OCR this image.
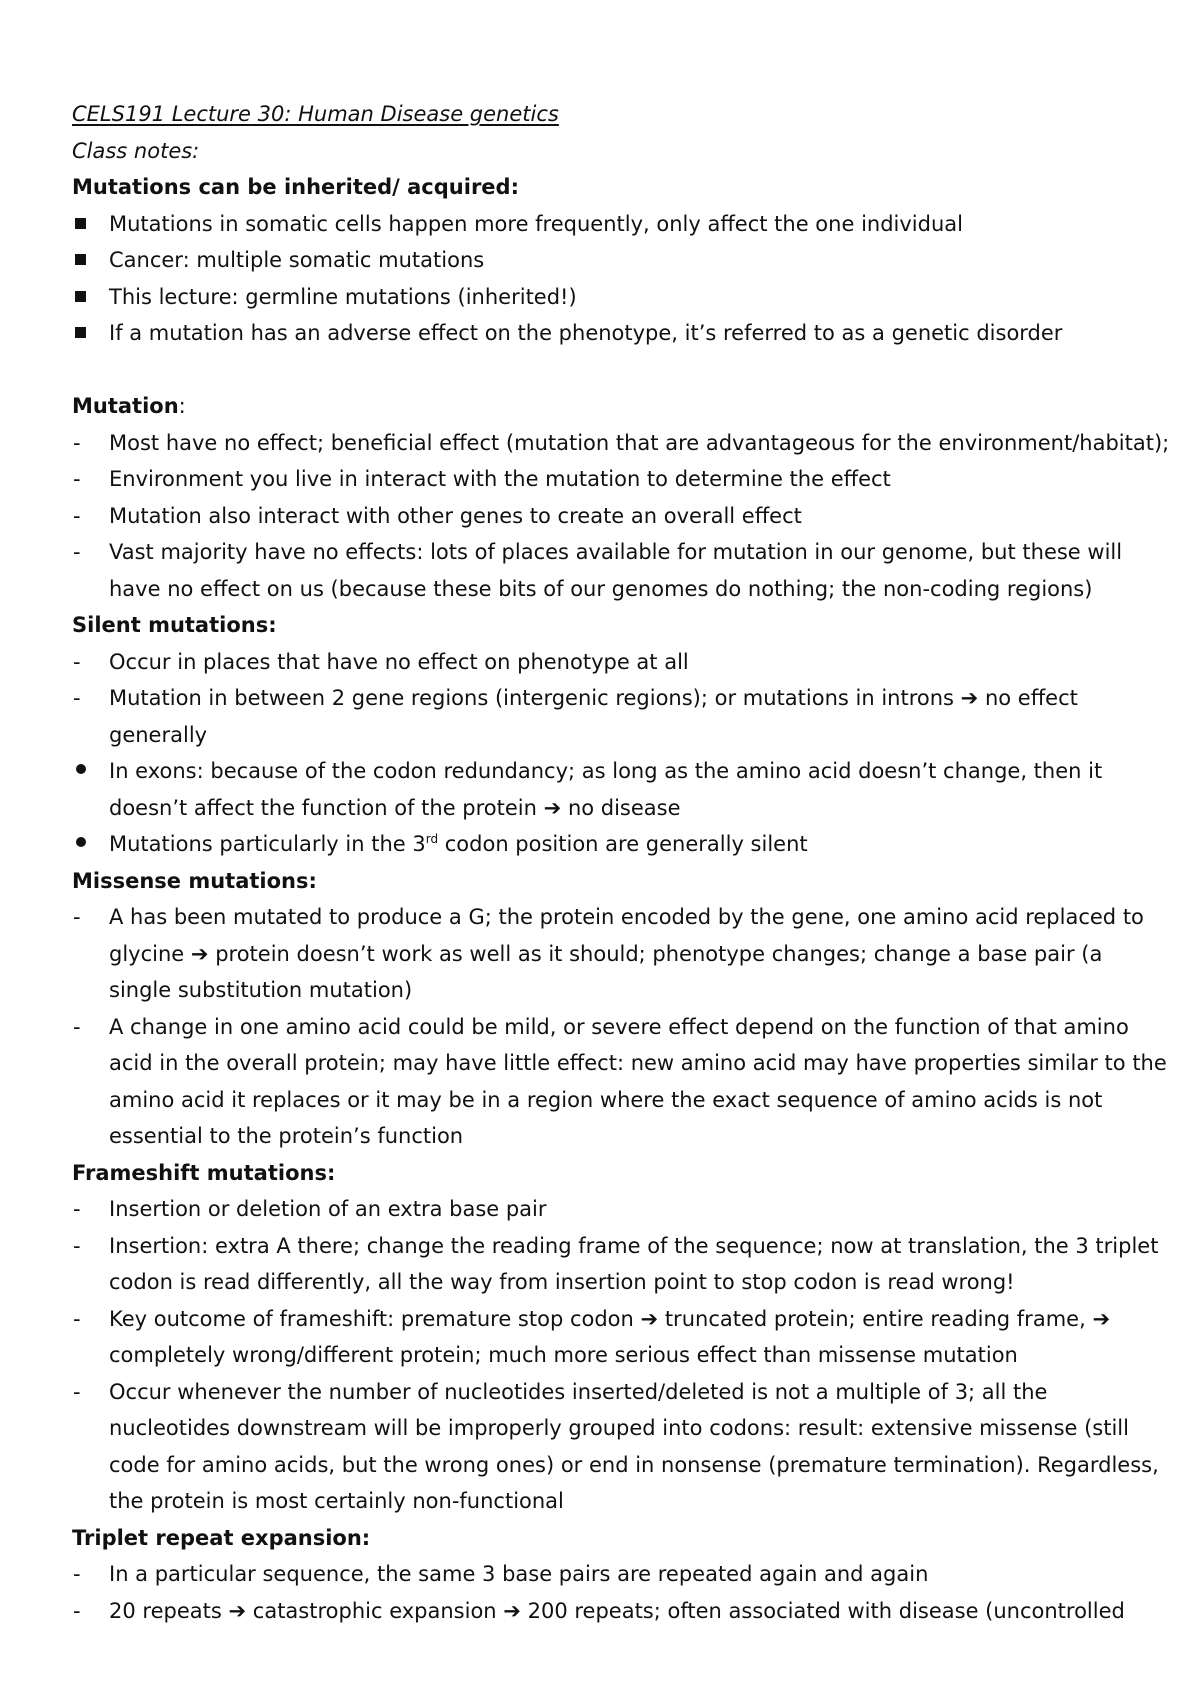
CELS191 Lecture 30: Human Disease genetics
Class notes:
Mutations can be inherited/ acquired:
Mutations in somatic cells happen more frequently, only affect the one individual
Cancer: multiple somatic mutations
This lecture: germline mutations (inherited!)
If a mutation has an adverse effect on the phenotype, it’s referred to as a genetic disorder
Mutation:
- Most have no effect; beneficial effect (mutation that are advantageous for the environment/habitat);
- Environment you live in interact with the mutation to determine the effect
- Mutation also interact with other genes to create an overall effect
- Vast majority have no effects: lots of places available for mutation in our genome, but these will
have no effect on us (because these bits of our genomes do nothing; the non-coding regions)
Silent mutations:
- Occur in places that have no effect on phenotype at all
- Mutation in between 2 gene regions (intergenic regions); or mutations in introns ➔ no effect
generally
In exons: because of the codon redundancy; as long as the amino acid doesn’t change, then it
doesn’t affect the function of the protein ➔ no disease
Mutations particularly in the 3rd codon position are generally silent
Missense mutations:
- A has been mutated to produce a G; the protein encoded by the gene, one amino acid replaced to
glycine ➔ protein doesn’t work as well as it should; phenotype changes; change a base pair (a
single substitution mutation)
- A change in one amino acid could be mild, or severe effect depend on the function of that amino
acid in the overall protein; may have little effect: new amino acid may have properties similar to the
amino acid it replaces or it may be in a region where the exact sequence of amino acids is not
essential to the protein’s function
Frameshift mutations:
- Insertion or deletion of an extra base pair
- Insertion: extra A there; change the reading frame of the sequence; now at translation, the 3 triplet
codon is read differently, all the way from insertion point to stop codon is read wrong!
- Key outcome of frameshift: premature stop codon ➔ truncated protein; entire reading frame, ➔
completely wrong/different protein; much more serious effect than missense mutation
- Occur whenever the number of nucleotides inserted/deleted is not a multiple of 3; all the
nucleotides downstream will be improperly grouped into codons: result: extensive missense (still
code for amino acids, but the wrong ones) or end in nonsense (premature termination). Regardless,
the protein is most certainly non-functional
Triplet repeat expansion:
- In a particular sequence, the same 3 base pairs are repeated again and again
- 20 repeats ➔ catastrophic expansion ➔ 200 repeats; often associated with disease (uncontrolled
